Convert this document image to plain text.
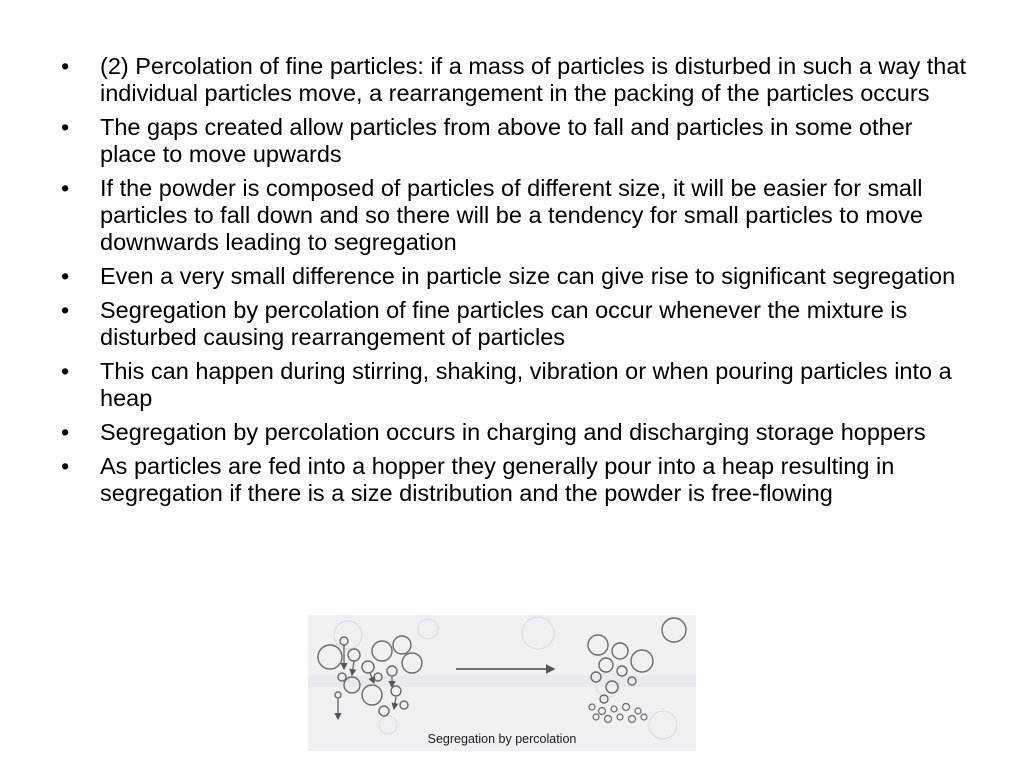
• (2) Percolation of fine particles: if a mass of particles is disturbed in such a way that individual particles move, a rearrangement in the packing of the particles occurs
• The gaps created allow particles from above to fall and particles in some other place to move upwards
• If the powder is composed of particles of different size, it will be easier for small particles to fall down and so there will be a tendency for small particles to move downwards leading to segregation
• Even a very small difference in particle size can give rise to significant segregation
• Segregation by percolation of fine particles can occur whenever the mixture is disturbed causing rearrangement of particles
• This can happen during stirring, shaking, vibration or when pouring particles into a heap
• Segregation by percolation occurs in charging and discharging storage hoppers
• As particles are fed into a hopper they generally pour into a heap resulting in segregation if there is a size distribution and the powder is free-flowing
Segregation by percolation
